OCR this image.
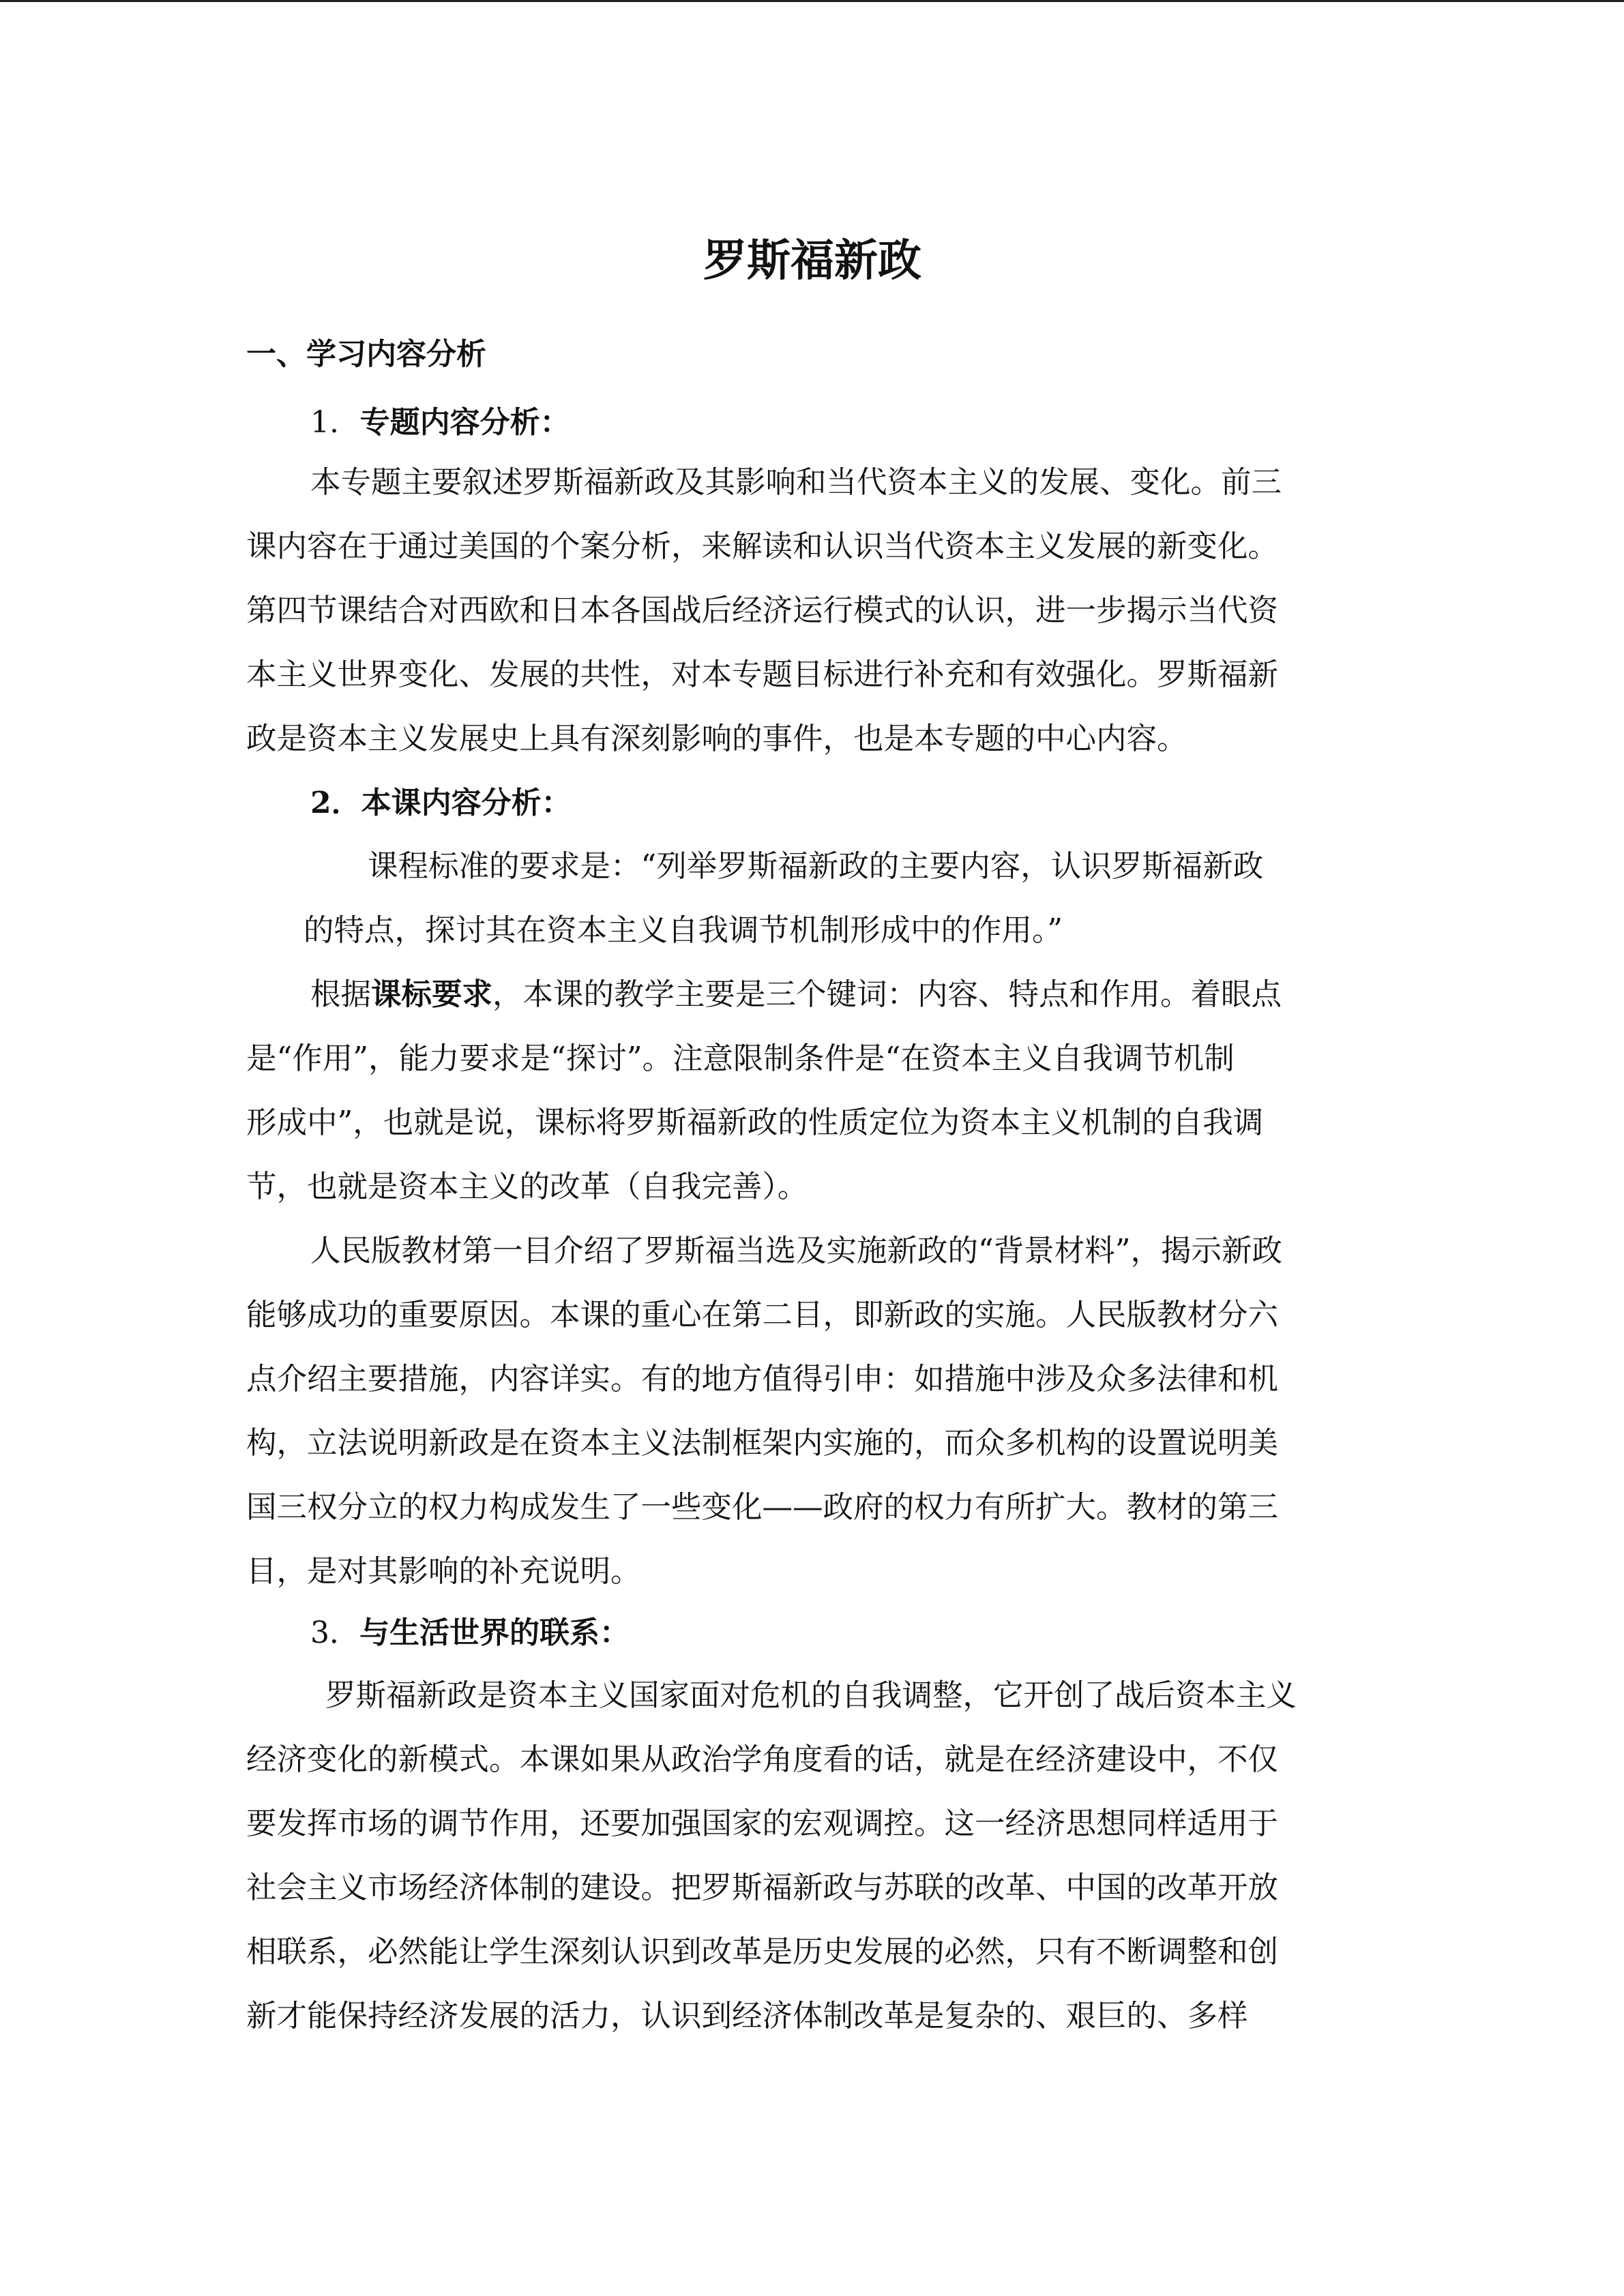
罗斯福新政
一、学习内容分析
1. 专题内容分析：
本专题主要叙述罗斯福新政及其影响和当代资本主义的发展、变化。前三
课内容在于通过美国的个案分析，来解读和认识当代资本主义发展的新变化。
第四节课结合对西欧和日本各国战后经济运行模式的认识，进一步揭示当代资
本主义世界变化、发展的共性，对本专题目标进行补充和有效强化。罗斯福新
政是资本主义发展史上具有深刻影响的事件，也是本专题的中心内容。
2．本课内容分析：
课程标准的要求是：“列举罗斯福新政的主要内容，认识罗斯福新政
的特点，探讨其在资本主义自我调节机制形成中的作用。”
根据课标要求，本课的教学主要是三个键词：内容、特点和作用。着眼点
是“作用”，能力要求是“探讨”。注意限制条件是“在资本主义自我调节机制
形成中”，也就是说，课标将罗斯福新政的性质定位为资本主义机制的自我调
节，也就是资本主义的改革（自我完善）。
人民版教材第一目介绍了罗斯福当选及实施新政的“背景材料”，揭示新政
能够成功的重要原因。本课的重心在第二目，即新政的实施。人民版教材分六
点介绍主要措施，内容详实。有的地方值得引申：如措施中涉及众多法律和机
构，立法说明新政是在资本主义法制框架内实施的，而众多机构的设置说明美
国三权分立的权力构成发生了一些变化——政府的权力有所扩大。教材的第三
目，是对其影响的补充说明。
3．与生活世界的联系：
罗斯福新政是资本主义国家面对危机的自我调整，它开创了战后资本主义
经济变化的新模式。本课如果从政治学角度看的话，就是在经济建设中，不仅
要发挥市场的调节作用，还要加强国家的宏观调控。这一经济思想同样适用于
社会主义市场经济体制的建设。把罗斯福新政与苏联的改革、中国的改革开放
相联系，必然能让学生深刻认识到改革是历史发展的必然，只有不断调整和创
新才能保持经济发展的活力，认识到经济体制改革是复杂的、艰巨的、多样
